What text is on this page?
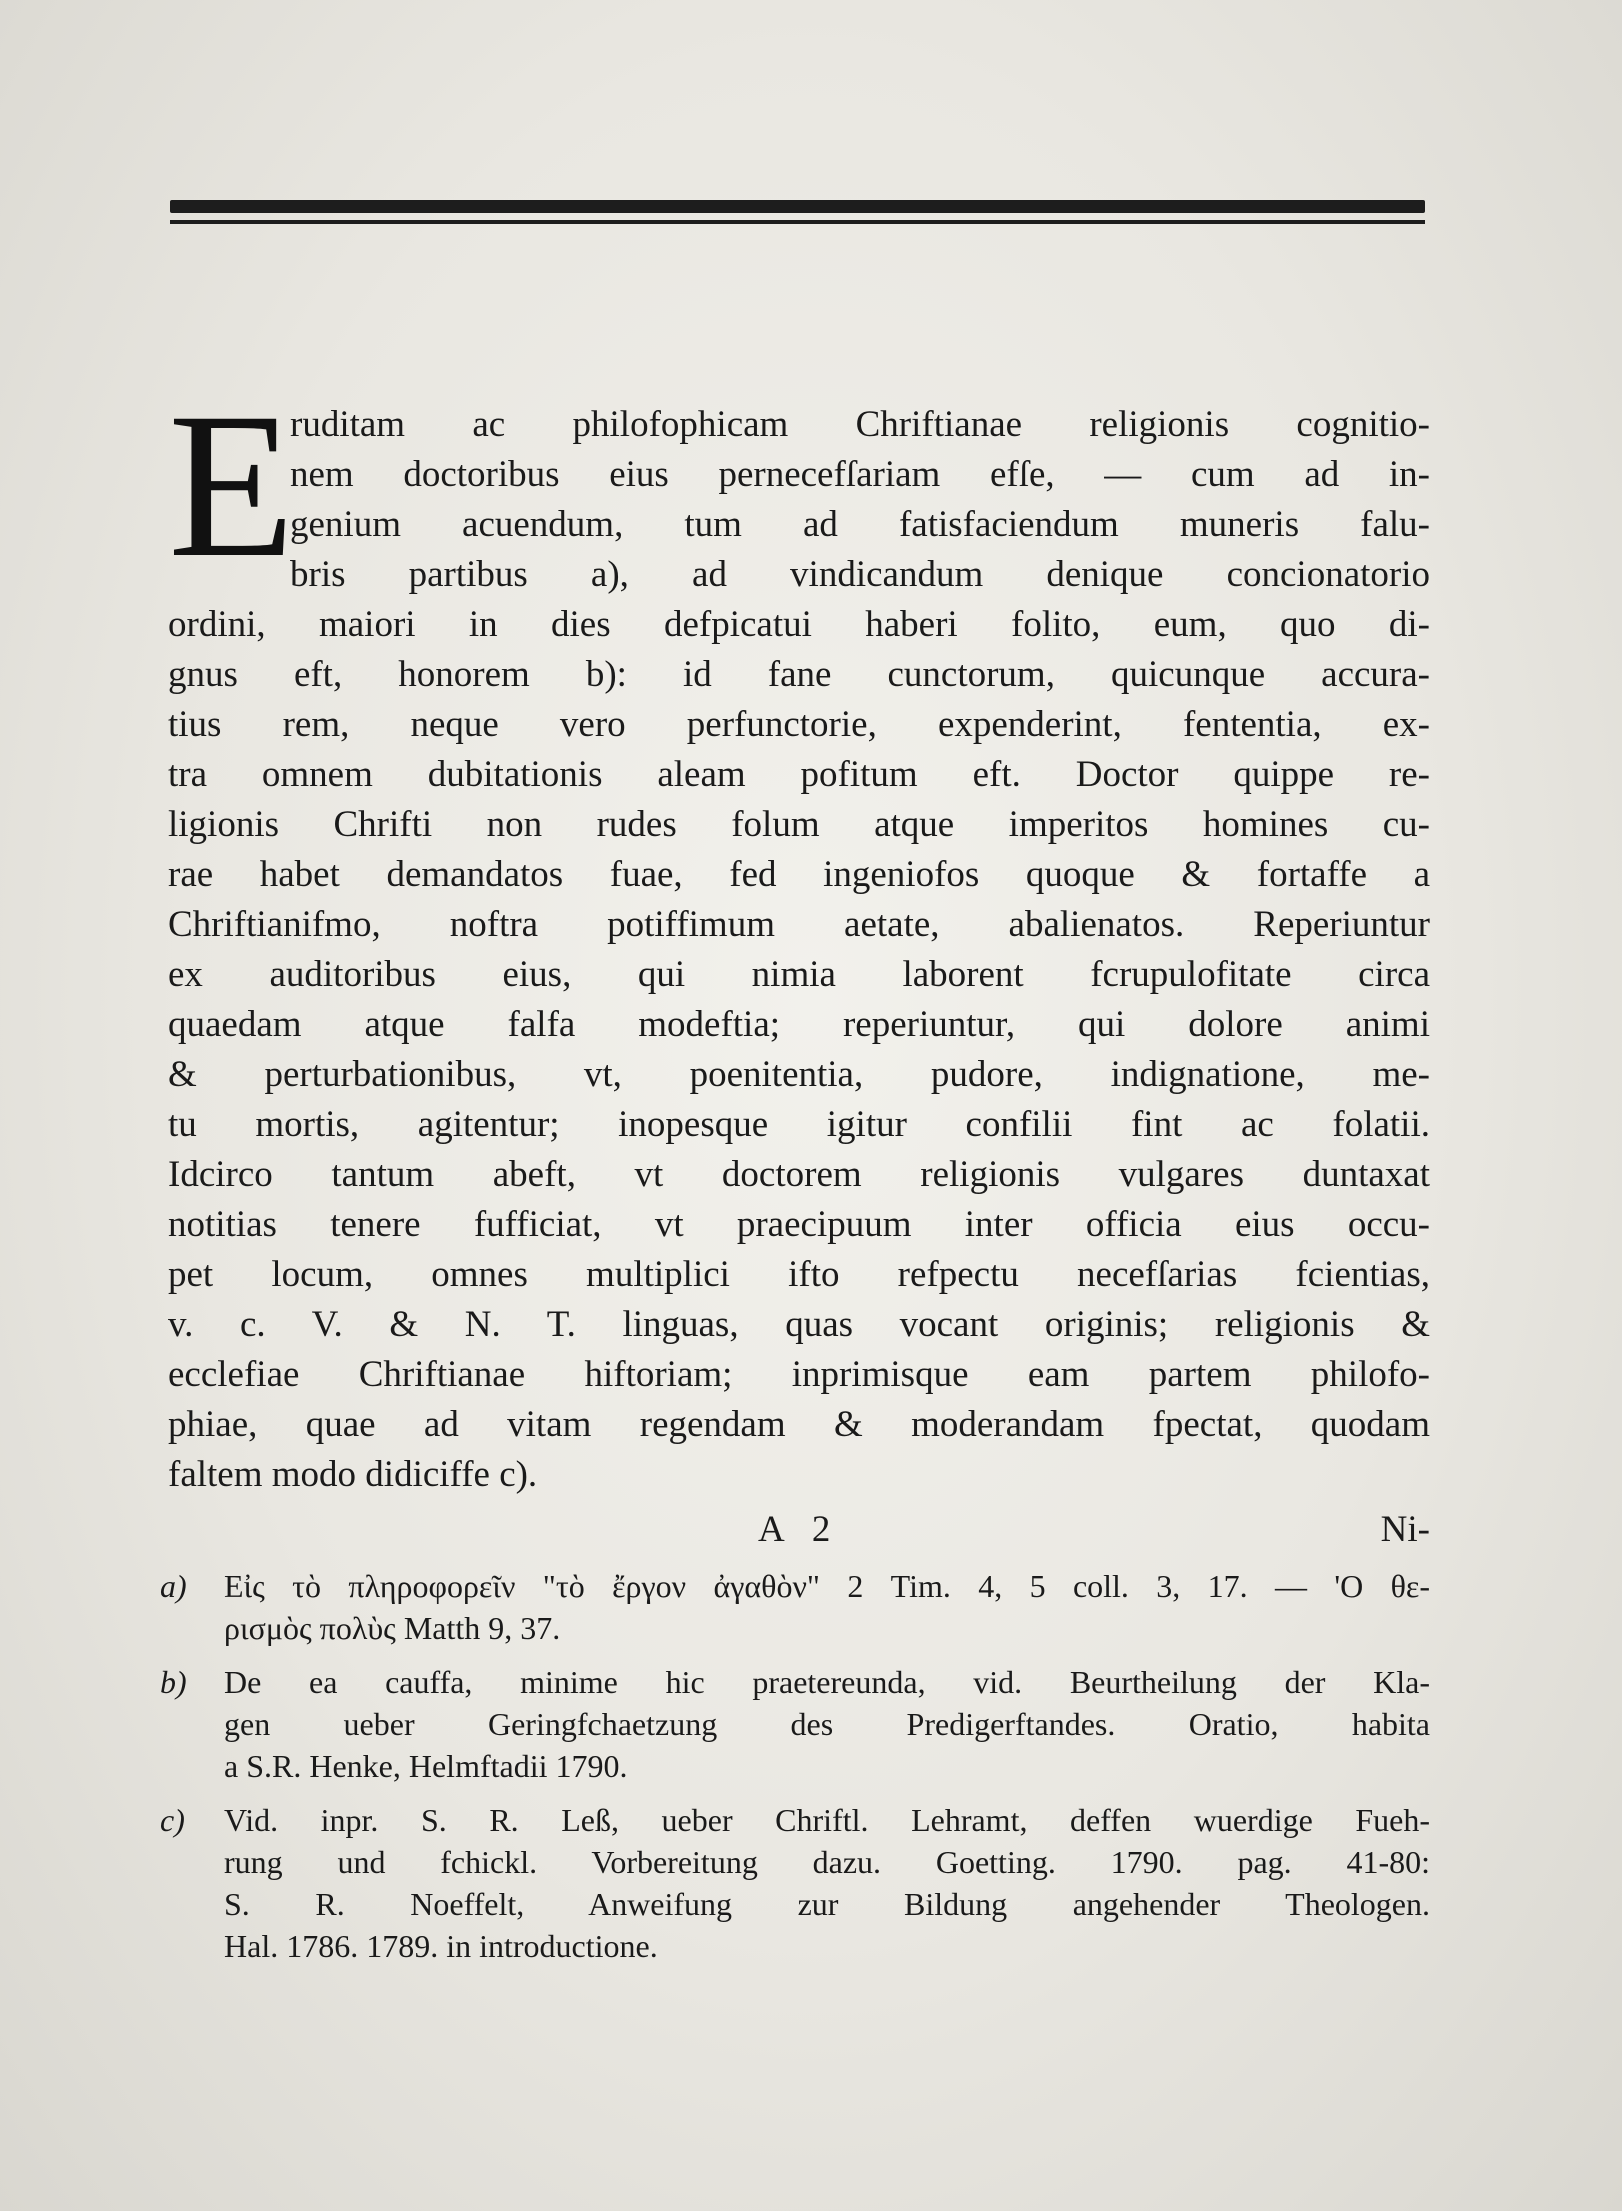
E
ruditam ac philofophicam Chriftianae religionis cognitio-
nem doctoribus eius pernecefſariam efſe, — cum ad in-
genium acuendum, tum ad fatisfaciendum muneris falu-
bris partibus a), ad vindicandum denique concionatorio
ordini, maiori in dies defpicatui haberi folito, eum, quo di-
gnus eft, honorem b): id fane cunctorum, quicunque accura-
tius rem, neque vero perfunctorie, expenderint, fententia, ex-
tra omnem dubitationis aleam pofitum eft. Doctor quippe re-
ligionis Chrifti non rudes folum atque imperitos homines cu-
rae habet demandatos fuae, fed ingeniofos quoque & fortaffe a
Chriftianifmo, noftra potiffimum aetate, abalienatos. Reperiuntur
ex auditoribus eius, qui nimia laborent fcrupulofitate circa
quaedam atque falfa modeftia; reperiuntur, qui dolore animi
& perturbationibus, vt, poenitentia, pudore, indignatione, me-
tu mortis, agitentur; inopesque igitur confilii fint ac folatii.
Idcirco tantum abeft, vt doctorem religionis vulgares duntaxat
notitias tenere fufficiat, vt praecipuum inter officia eius occu-
pet locum, omnes multiplici ifto refpectu necefſarias fcientias,
v. c. V. & N. T. linguas, quas vocant originis; religionis &
ecclefiae Chriftianae hiftoriam; inprimisque eam partem philofo-
phiae, quae ad vitam regendam & moderandam fpectat, quodam
faltem modo didiciffe c).
A 2	Ni-
a)	Εἰς τὸ πληροφορεῖν "τὸ ἔργον ἀγαθὸν" 2 Tim. 4, 5 coll. 3, 17. — 'Ο θε-
ρισμὸς πολὺς Matth 9, 37.
b)	De ea cauffa, minime hic praetereunda, vid. Beurtheilung der Kla-
gen ueber Geringfchaetzung des Predigerftandes. Oratio, habita
a S.R. Henke, Helmftadii 1790.
c)	Vid. inpr. S. R. Leß, ueber Chriftl. Lehramt, deffen wuerdige Fueh-
rung und fchickl. Vorbereitung dazu. Goetting. 1790. pag. 41-80:
S. R. Noeffelt, Anweifung zur Bildung angehender Theologen.
Hal. 1786. 1789. in introductione.
